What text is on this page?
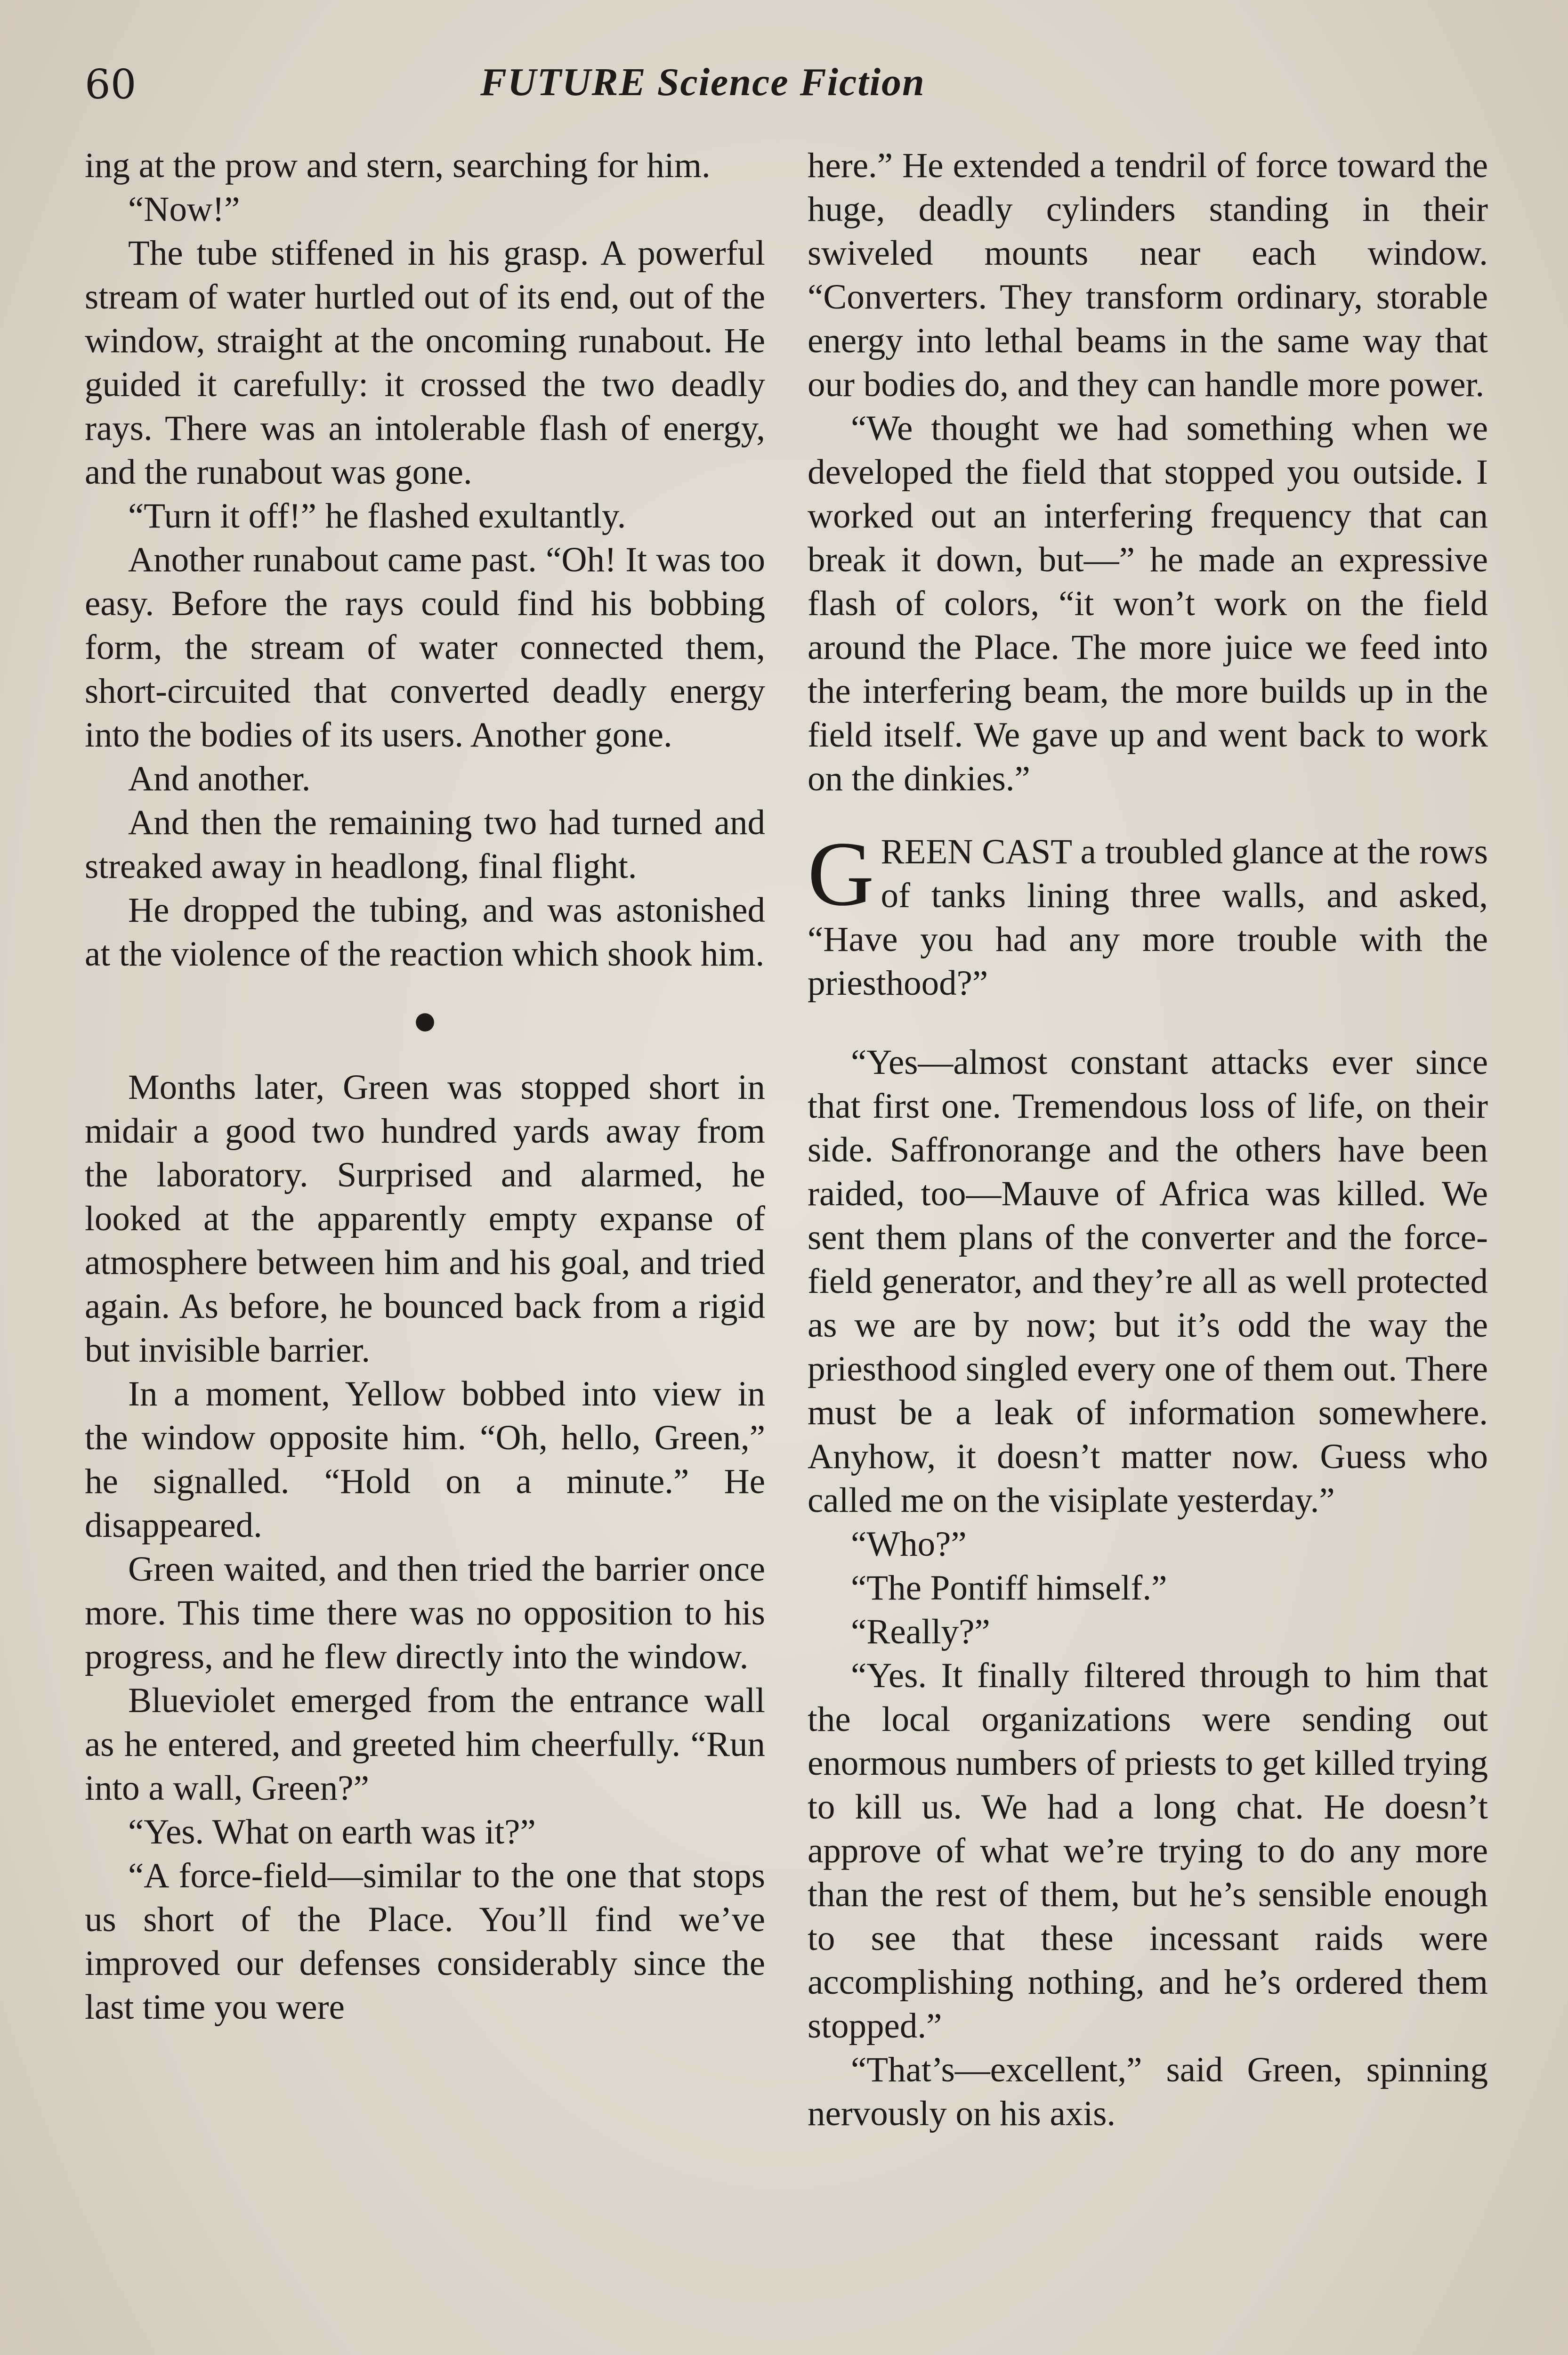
60	FUTURE Science Fiction

ing at the prow and stern, searching for him.

“Now!”

The tube stiffened in his grasp. A powerful stream of water hurtled out of its end, out of the window, straight at the oncoming runabout. He guided it carefully: it crossed the two deadly rays. There was an intolerable flash of energy, and the runabout was gone.

“Turn it off!” he flashed exultantly.

Another runabout came past. “Oh! It was too easy. Before the rays could find his bobbing form, the stream of water connected them, short-circuited that converted deadly energy into the bodies of its users. Another gone.

And another.

And then the remaining two had turned and streaked away in headlong, final flight.

He dropped the tubing, and was astonished at the violence of the reaction which shook him.

●

Months later, Green was stopped short in midair a good two hundred yards away from the laboratory. Surprised and alarmed, he looked at the apparently empty expanse of atmosphere between him and his goal, and tried again. As before, he bounced back from a rigid but invisible barrier.

In a moment, Yellow bobbed into view in the window opposite him. “Oh, hello, Green,” he signalled. “Hold on a minute.” He disappeared.

Green waited, and then tried the barrier once more. This time there was no opposition to his progress, and he flew directly into the window.

Blueviolet emerged from the entrance wall as he entered, and greeted him cheerfully. “Run into a wall, Green?”

“Yes. What on earth was it?”

“A force-field—similar to the one that stops us short of the Place. You’ll find we’ve improved our defenses considerably since the last time you were

here.” He extended a tendril of force toward the huge, deadly cylinders standing in their swiveled mounts near each window. “Converters. They transform ordinary, storable energy into lethal beams in the same way that our bodies do, and they can handle more power.

“We thought we had something when we developed the field that stopped you outside. I worked out an interfering frequency that can break it down, but—” he made an expressive flash of colors, “it won’t work on the field around the Place. The more juice we feed into the interfering beam, the more builds up in the field itself. We gave up and went back to work on the dinkies.”

GREEN CAST a troubled glance at the rows of tanks lining three walls, and asked, “Have you had any more trouble with the priesthood?”

“Yes—almost constant attacks ever since that first one. Tremendous loss of life, on their side. Saffronorange and the others have been raided, too—Mauve of Africa was killed. We sent them plans of the converter and the force-field generator, and they’re all as well protected as we are by now; but it’s odd the way the priesthood singled every one of them out. There must be a leak of information somewhere. Anyhow, it doesn’t matter now. Guess who called me on the visiplate yesterday.”

“Who?”

“The Pontiff himself.”

“Really?”

“Yes. It finally filtered through to him that the local organizations were sending out enormous numbers of priests to get killed trying to kill us. We had a long chat. He doesn’t approve of what we’re trying to do any more than the rest of them, but he’s sensible enough to see that these incessant raids were accomplishing nothing, and he’s ordered them stopped.”

“That’s—excellent,” said Green, spinning nervously on his axis.
